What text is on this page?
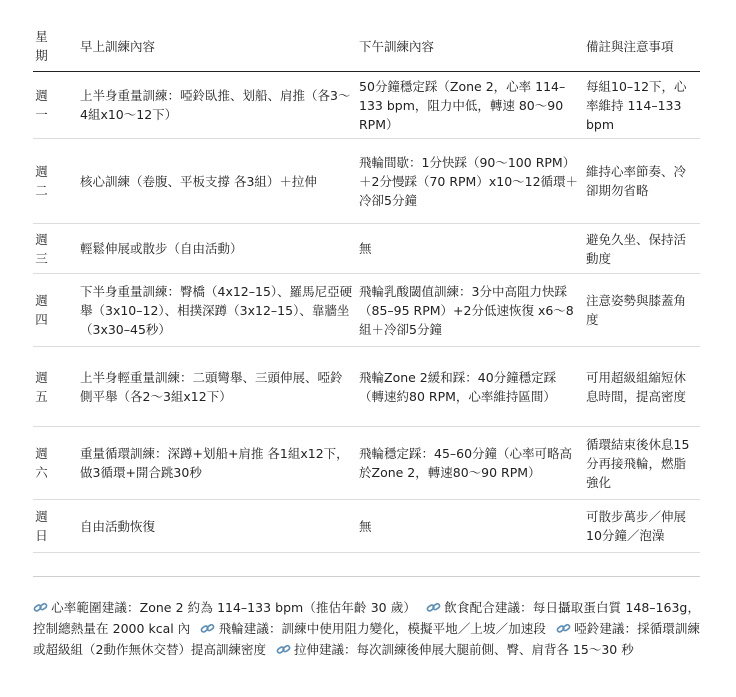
星期	早上訓練內容	下午訓練內容	備註與注意事項
週一	上半身重量訓練：啞鈴臥推、划船、肩推（各3～4組x10～12下）	50分鐘穩定踩（Zone 2，心率 114–133 bpm，阻力中低，轉速 80～90 RPM）	每組10–12下，心率維持 114–133 bpm
週二	核心訓練（卷腹、平板支撐 各3組）＋拉伸	飛輪間歇：1分快踩（90～100 RPM）＋2分慢踩（70 RPM）x10～12循環＋冷卻5分鐘	維持心率節奏、冷卻期勿省略
週三	輕鬆伸展或散步（自由活動）	無	避免久坐、保持活動度
週四	下半身重量訓練：臀橋（4x12–15）、羅馬尼亞硬舉（3x10–12）、相撲深蹲（3x12–15）、靠牆坐（3x30–45秒）	飛輪乳酸閾值訓練：3分中高阻力快踩（85–95 RPM）+2分低速恢復 x6～8組＋冷卻5分鐘	注意姿勢與膝蓋角度
週五	上半身輕重量訓練：二頭彎舉、三頭伸展、啞鈴側平舉（各2～3組x12下）	飛輪Zone 2緩和踩：40分鐘穩定踩（轉速約80 RPM，心率維持區間）	可用超級組縮短休息時間，提高密度
週六	重量循環訓練：深蹲+划船+肩推 各1組x12下，做3循環+開合跳30秒	飛輪穩定踩：45–60分鐘（心率可略高於Zone 2，轉速80～90 RPM）	循環結束後休息15分再接飛輪，燃脂強化
週日	自由活動恢復	無	可散步萬步／伸展10分鐘／泡澡
心率範圍建議：Zone 2 約為 114–133 bpm（推估年齡 30 歲） 飲食配合建議：每日攝取蛋白質 148–163g，控制總熱量在 2000 kcal 內 飛輪建議：訓練中使用阻力變化，模擬平地／上坡／加速段 啞鈴建議：採循環訓練或超級組（2動作無休交替）提高訓練密度 拉伸建議：每次訓練後伸展大腿前側、臀、肩背各 15～30 秒
